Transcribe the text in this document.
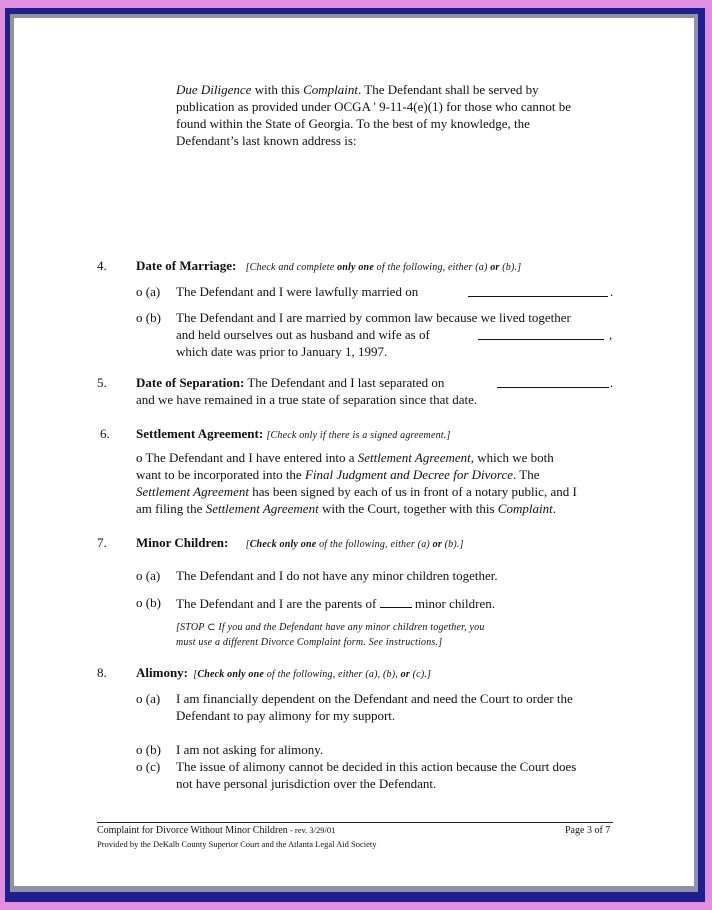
Due Diligence with this Complaint. The Defendant shall be served by
publication as provided under OCGA ' 9-11-4(e)(1) for those who cannot be
found within the State of Georgia. To the best of my knowledge, the
Defendant’s last known address is:
4. Date of Marriage: [Check and complete only one of the following, either (a) or (b).]
o (a) The Defendant and I were lawfully married on	.
o (b) The Defendant and I are married by common law because we lived together
and held ourselves out as husband and wife as of	,
which date was prior to January 1, 1997.
5. Date of Separation: The Defendant and I last separated on	.
and we have remained in a true state of separation since that date.
6. Settlement Agreement: [Check only if there is a signed agreement.]
o The Defendant and I have entered into a Settlement Agreement, which we both
want to be incorporated into the Final Judgment and Decree for Divorce. The
Settlement Agreement has been signed by each of us in front of a notary public, and I
am filing the Settlement Agreement with the Court, together with this Complaint.
7. Minor Children: [Check only one of the following, either (a) or (b).]
o (a) The Defendant and I do not have any minor children together.
o (b) The Defendant and I are the parents of  minor children.
[STOP ⊂ If you and the Defendant have any minor children together, you
must use a different Divorce Complaint form. See instructions.]
8. Alimony: [Check only one of the following, either (a), (b), or (c).]
o (a) I am financially dependent on the Defendant and need the Court to order the
Defendant to pay alimony for my support.
o (b) I am not asking for alimony.
o (c) The issue of alimony cannot be decided in this action because the Court does
not have personal jurisdiction over the Defendant.
Complaint for Divorce Without Minor Children - rev. 3/29/01	Page 3 of 7
Provided by the DeKalb County Superior Court and the Atlanta Legal Aid Society
